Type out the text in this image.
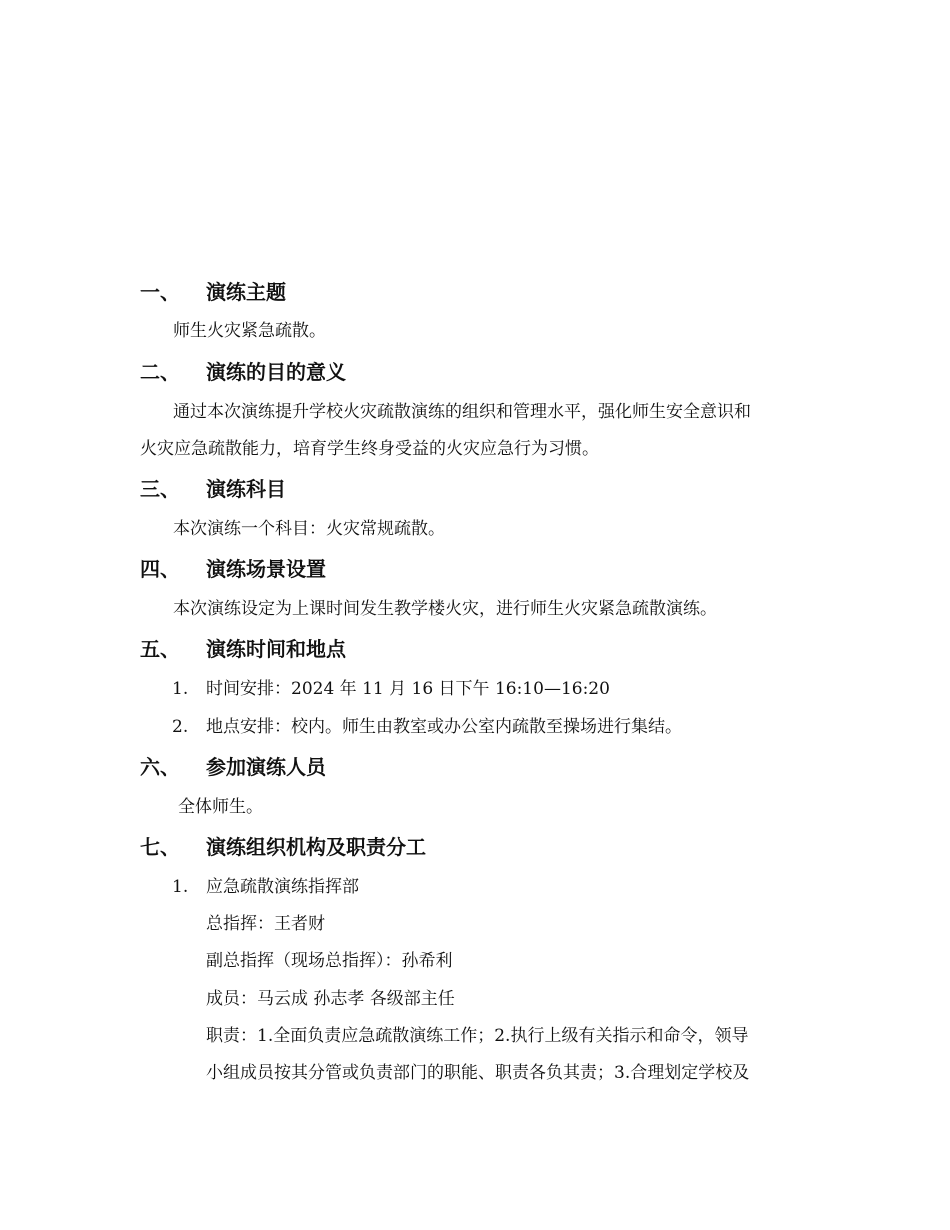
一、 演练主题
师生火灾紧急疏散。
二、 演练的目的意义
通过本次演练提升学校火灾疏散演练的组织和管理水平，强化师生安全意识和
火灾应急疏散能力，培育学生终身受益的火灾应急行为习惯。
三、 演练科目
本次演练一个科目：火灾常规疏散。
四、 演练场景设置
本次演练设定为上课时间发生教学楼火灾，进行师生火灾紧急疏散演练。
五、 演练时间和地点
1. 时间安排：2024 年 11 月 16 日下午 16:10—16:20
2. 地点安排：校内。师生由教室或办公室内疏散至操场进行集结。
六、 参加演练人员
全体师生。
七、 演练组织机构及职责分工
1. 应急疏散演练指挥部
总指挥：王者财
副总指挥（现场总指挥）：孙希利
成员：马云成 孙志孝 各级部主任
职责：1.全面负责应急疏散演练工作；2.执行上级有关指示和命令，领导
小组成员按其分管或负责部门的职能、职责各负其责；3.合理划定学校及
